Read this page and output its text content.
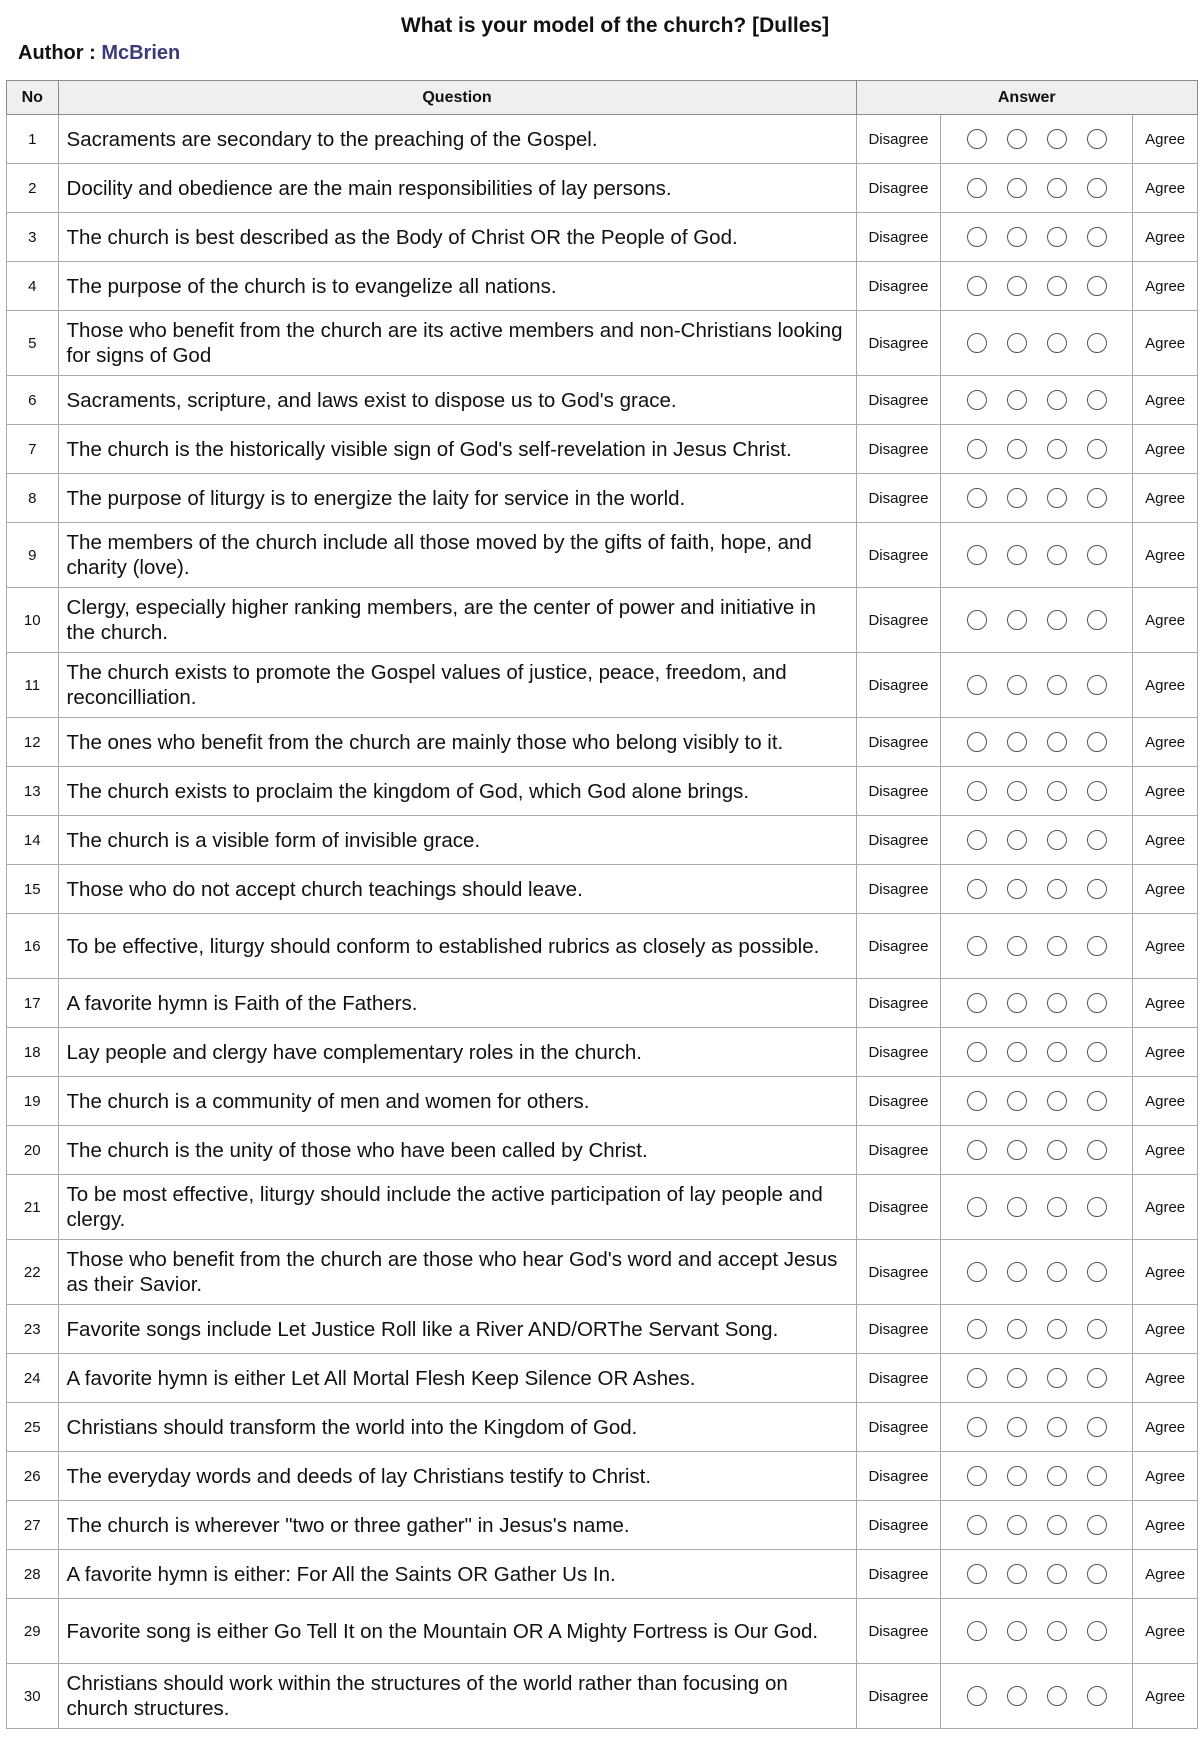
What is your model of the church? [Dulles]
Author : McBrien
No	Question	Answer		
1	Sacraments are secondary to the preaching of the Gospel.	Disagree		Agree
2	Docility and obedience are the main responsibilities of lay persons.	Disagree		Agree
3	The church is best described as the Body of Christ OR the People of God.	Disagree		Agree
4	The purpose of the church is to evangelize all nations.	Disagree		Agree
5	Those who benefit from the church are its active members and non-Christians looking for signs of God	Disagree		Agree
6	Sacraments, scripture, and laws exist to dispose us to God's grace.	Disagree		Agree
7	The church is the historically visible sign of God's self-revelation in Jesus Christ.	Disagree		Agree
8	The purpose of liturgy is to energize the laity for service in the world.	Disagree		Agree
9	The members of the church include all those moved by the gifts of faith, hope, and charity (love).	Disagree		Agree
10	Clergy, especially higher ranking members, are the center of power and initiative in the church.	Disagree		Agree
11	The church exists to promote the Gospel values of justice, peace, freedom, and reconcilliation.	Disagree		Agree
12	The ones who benefit from the church are mainly those who belong visibly to it.	Disagree		Agree
13	The church exists to proclaim the kingdom of God, which God alone brings.	Disagree		Agree
14	The church is a visible form of invisible grace.	Disagree		Agree
15	Those who do not accept church teachings should leave.	Disagree		Agree
16	To be effective, liturgy should conform to established rubrics as closely as possible.	Disagree		Agree
17	A favorite hymn is Faith of the Fathers.	Disagree		Agree
18	Lay people and clergy have complementary roles in the church.	Disagree		Agree
19	The church is a community of men and women for others.	Disagree		Agree
20	The church is the unity of those who have been called by Christ.	Disagree		Agree
21	To be most effective, liturgy should include the active participation of lay people and clergy.	Disagree		Agree
22	Those who benefit from the church are those who hear God's word and accept Jesus as their Savior.	Disagree		Agree
23	Favorite songs include Let Justice Roll like a River AND/ORThe Servant Song.	Disagree		Agree
24	A favorite hymn is either Let All Mortal Flesh Keep Silence OR Ashes.	Disagree		Agree
25	Christians should transform the world into the Kingdom of God.	Disagree		Agree
26	The everyday words and deeds of lay Christians testify to Christ.	Disagree		Agree
27	The church is wherever "two or three gather" in Jesus's name.	Disagree		Agree
28	A favorite hymn is either: For All the Saints OR Gather Us In.	Disagree		Agree
29	Favorite song is either Go Tell It on the Mountain OR A Mighty Fortress is Our God.	Disagree		Agree
30	Christians should work within the structures of the world rather than focusing on church structures.	Disagree		Agree
